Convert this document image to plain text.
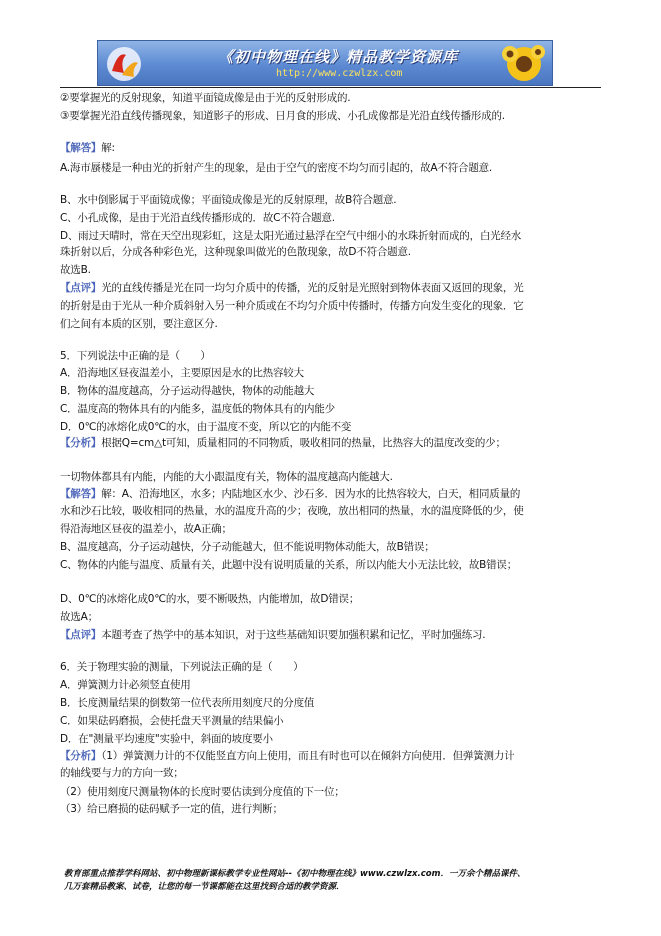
《初中物理在线》精品教学资源库
http://www.czwlzx.com
②要掌握光的反射现象，知道平面镜成像是由于光的反射形成的.
③要掌握光沿直线传播现象，知道影子的形成、日月食的形成、小孔成像都是光沿直线传播形成的.
【解答】解:
A.海市蜃楼是一种由光的折射产生的现象，是由于空气的密度不均匀而引起的，故A不符合题意.
B、水中倒影属于平面镜成像；平面镜成像是光的反射原理，故B符合题意.
C、小孔成像，是由于光沿直线传播形成的．故C不符合题意.
D、雨过天晴时，常在天空出现彩虹，这是太阳光通过悬浮在空气中细小的水珠折射而成的，白光经水
珠折射以后，分成各种彩色光，这种现象叫做光的色散现象，故D不符合题意.
故选B.
【点评】光的直线传播是光在同一均匀介质中的传播，光的反射是光照射到物体表面又返回的现象，光
的折射是由于光从一种介质斜射入另一种介质或在不均匀介质中传播时，传播方向发生变化的现象．它
们之间有本质的区别，要注意区分.
5．下列说法中正确的是（　　）
A．沿海地区昼夜温差小，主要原因是水的比热容较大
B．物体的温度越高，分子运动得越快，物体的动能越大
C．温度高的物体具有的内能多，温度低的物体具有的内能少
D．0℃的冰熔化成0℃的水，由于温度不变，所以它的内能不变
【分析】根据Q=cm△t可知，质量相同的不同物质，吸收相同的热量，比热容大的温度改变的少；
一切物体都具有内能，内能的大小跟温度有关，物体的温度越高内能越大.
【解答】解：A、沿海地区，水多；内陆地区水少、沙石多．因为水的比热容较大，白天，相同质量的
水和沙石比较，吸收相同的热量，水的温度升高的少；夜晚，放出相同的热量，水的温度降低的少，使
得沿海地区昼夜的温差小，故A正确；
B、温度越高，分子运动越快，分子动能越大，但不能说明物体动能大，故B错误；
C、物体的内能与温度、质量有关，此题中没有说明质量的关系，所以内能大小无法比较，故B错误；
D、0℃的冰熔化成0℃的水，要不断吸热，内能增加，故D错误；
故选A；
【点评】本题考查了热学中的基本知识，对于这些基础知识要加强积累和记忆，平时加强练习.
6．关于物理实验的测量，下列说法正确的是（　　）
A．弹簧测力计必须竖直使用
B．长度测量结果的倒数第一位代表所用刻度尺的分度值
C．如果砝码磨损，会使托盘天平测量的结果偏小
D．在"测量平均速度"实验中，斜面的坡度要小
【分析】（1）弹簧测力计的不仅能竖直方向上使用，而且有时也可以在倾斜方向使用．但弹簧测力计
的轴线要与力的方向一致；
（2）使用刻度尺测量物体的长度时要估读到分度值的下一位；
（3）给已磨损的砝码赋予一定的值，进行判断；
教育部重点推荐学科网站、初中物理新课标教学专业性网站--《初中物理在线》www.czwlzx.com．一万余个精品课件、
几万套精品教案、试卷，让您的每一节课都能在这里找到合适的教学资源．
